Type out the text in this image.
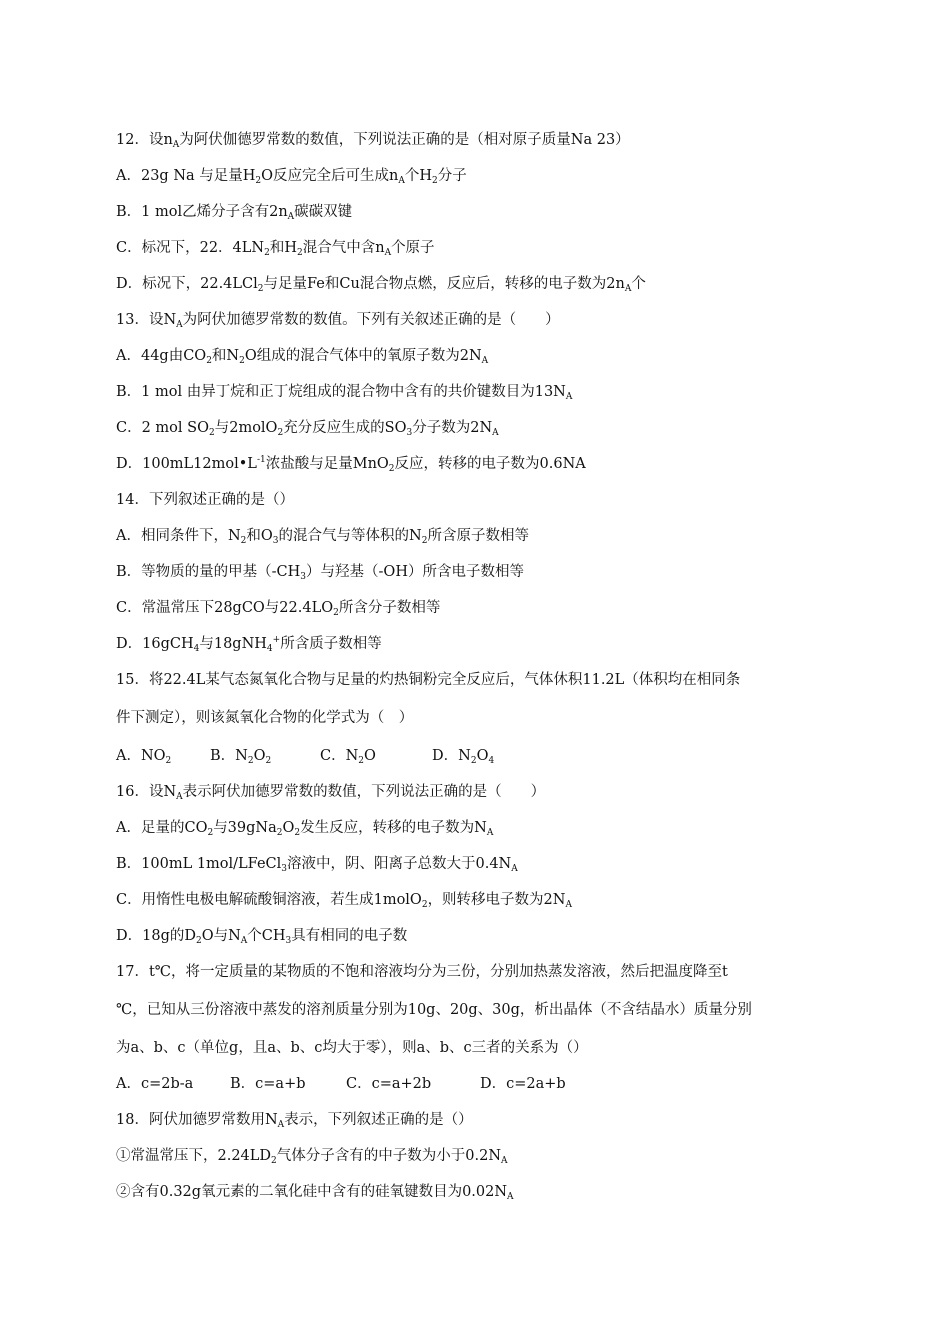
12．设$n_A$为阿伏伽德罗常数的数值，下列说法正确的是（相对原子质量Na 23）
A．23g Na 与足量$H_2O$反应完全后可生成$n_A$个$H_2$分子
B．1 mol乙烯分子含有$2n_A$碳碳双键
C．标况下，22．$4LN_2$和$H_2$混合气中含$n_A$个原子
D．标况下，22.4LCl$_2$与足量Fe和Cu混合物点燃，反应后，转移的电子数为$2n_A$个
13．设$N_A$为阿伏加德罗常数的数值。下列有关叙述正确的是（　　）
A．44g由$CO_2$和$N_2O$组成的混合气体中的氧原子数为$2N_A$
B．1 mol 由异丁烷和正丁烷组成的混合物中含有的共价键数目为$13N_A$
C．2 mol $SO_2$与2molO$_2$充分反应生成的$SO_3$分子数为$2N_A$
D．$100mL12mol•L^{-1}$浓盐酸与足量MnO$_2$反应，转移的电子数为0.6NA
14．下列叙述正确的是（）
A．相同条件下，$N_2$和$O_3$的混合气与等体积的$N_2$所含原子数相等
B．等物质的量的甲基$(-CH_3)$与羟基（-OH）所含电子数相等
C．常温常压下28gCO与$22.4LO_2$所含分子数相等
D．16gCH$_4$与18gNH$_4$+所含质子数相等
15．将22.4L某气态氮氧化合物与足量的灼热铜粉完全反应后，气体休积11.2L（体积均在相同条
件下测定），则该氮氧化合物的化学式为（　）
A．$NO_2$	B．$N_2O_2$	C．$N_2O$	D．$N_2O_4$
16．设$N_A$表示阿伏加德罗常数的数值，下列说法正确的是（　　）
A．足量的$CO_2$与$39gNa_2O_2$发生反应，转移的电子数为$N_A$
B．100mL 1mol/LFeCl$_3$溶液中，阴、阳离子总数大于$0.4N_A$
C．用惰性电极电解硫酸铜溶液，若生成1molO$_2$，则转移电子数为$2N_A$
D．18g的$D_2O$与$N_A$个$CH_3$具有相同的电子数
17．t℃，将一定质量的某物质的不饱和溶液均分为三份，分别加热蒸发溶液，然后把温度降至t
℃，已知从三份溶液中蒸发的溶剂质量分别为10g、20g、30g，析出晶体（不含结晶水）质量分别
为a、b、c（单位g，且a、b、c均大于零），则a、b、c三者的关系为（）
A．c=2b-a	B．c=a+b	C．c=a+2b	D．c=2a+b
18．阿伏加德罗常数用$N_A$表示，下列叙述正确的是（）
①常温常压下，$2.24LD_2$气体分子含有的中子数为小于$0.2N_A$
②含有0.32g氧元素的二氧化硅中含有的硅氧键数目为$0.02N_A$
